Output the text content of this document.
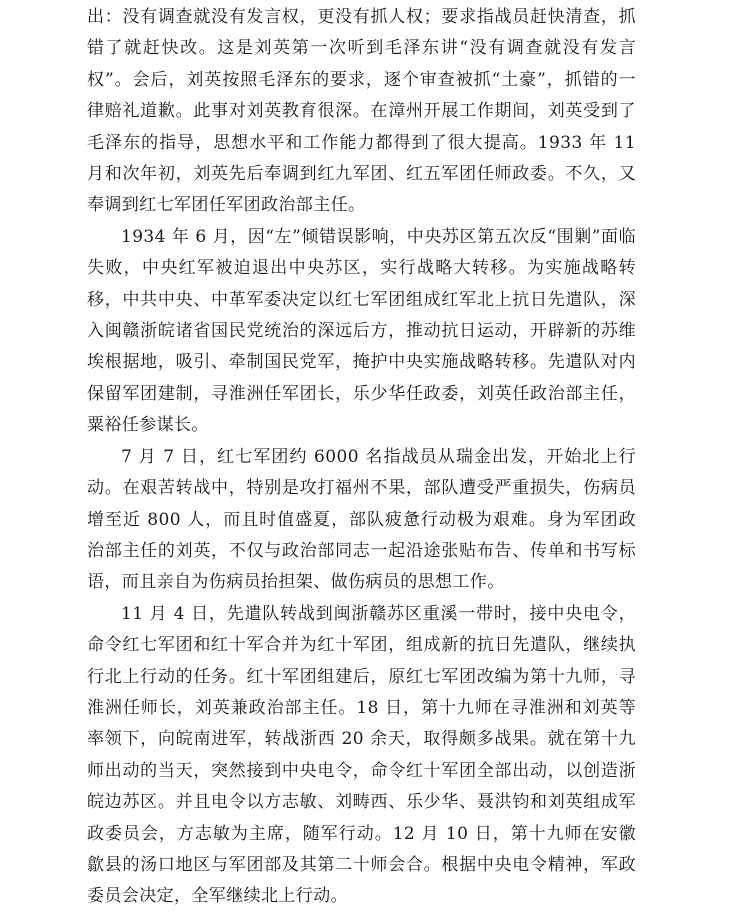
出：没有调查就没有发言权，更没有抓人权；要求指战员赶快清查，抓错了就赶快改。这是刘英第一次听到毛泽东讲“没有调查就没有发言权”。会后，刘英按照毛泽东的要求，逐个审查被抓“土豪”，抓错的一律赔礼道歉。此事对刘英教育很深。在漳州开展工作期间，刘英受到了毛泽东的指导，思想水平和工作能力都得到了很大提高。1933 年 11 月和次年初，刘英先后奉调到红九军团、红五军团任师政委。不久，又奉调到红七军团任军团政治部主任。

1934 年 6 月，因“左”倾错误影响，中央苏区第五次反“围剿”面临失败，中央红军被迫退出中央苏区，实行战略大转移。为实施战略转移，中共中央、中革军委决定以红七军团组成红军北上抗日先遣队，深入闽赣浙皖诸省国民党统治的深远后方，推动抗日运动，开辟新的苏维埃根据地，吸引、牵制国民党军，掩护中央实施战略转移。先遣队对内保留军团建制，寻淮洲任军团长，乐少华任政委，刘英任政治部主任，粟裕任参谋长。

7 月 7 日，红七军团约 6000 名指战员从瑞金出发，开始北上行动。在艰苦转战中，特别是攻打福州不果，部队遭受严重损失，伤病员增至近 800 人，而且时值盛夏，部队疲惫行动极为艰难。身为军团政治部主任的刘英，不仅与政治部同志一起沿途张贴布告、传单和书写标语，而且亲自为伤病员抬担架、做伤病员的思想工作。

11 月 4 日，先遣队转战到闽浙赣苏区重溪一带时，接中央电令，命令红七军团和红十军合并为红十军团，组成新的抗日先遣队，继续执行北上行动的任务。红十军团组建后，原红七军团改编为第十九师，寻淮洲任师长，刘英兼政治部主任。18 日，第十九师在寻淮洲和刘英等率领下，向皖南进军，转战浙西 20 余天，取得颇多战果。就在第十九师出动的当天，突然接到中央电令，命令红十军团全部出动，以创造浙皖边苏区。并且电令以方志敏、刘畴西、乐少华、聂洪钧和刘英组成军政委员会，方志敏为主席，随军行动。12 月 10 日，第十九师在安徽歙县的汤口地区与军团部及其第二十师会合。根据中央电令精神，军政委员会决定，全军继续北上行动。
